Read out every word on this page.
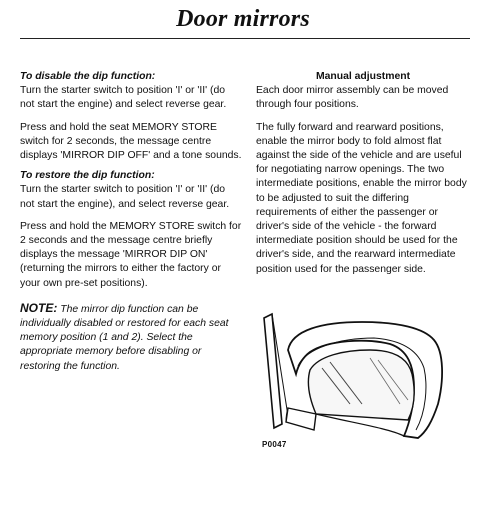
Door mirrors
To disable the dip function:

Turn the starter switch to position 'I' or 'II' (do not start the engine) and select reverse gear.

Press and hold the seat MEMORY STORE switch for 2 seconds, the message centre displays 'MIRROR DIP OFF' and a tone sounds.

To restore the dip function:

Turn the starter switch to position 'I' or 'II' (do not start the engine), and select reverse gear.

Press and hold the MEMORY STORE switch for 2 seconds and the message centre briefly displays the message 'MIRROR DIP ON' (returning the mirrors to either the factory or your own pre-set positions).

NOTE: The mirror dip function can be individually disabled or restored for each seat memory position (1 and 2). Select the appropriate memory before disabling or restoring the function.
Manual adjustment

Each door mirror assembly can be moved through four positions.

The fully forward and rearward positions, enable the mirror body to fold almost flat against the side of the vehicle and are useful for negotiating narrow openings. The two intermediate positions, enable the mirror body to be adjusted to suit the differing requirements of either the passenger or driver's side of the vehicle - the forward intermediate position should be used for the driver's side, and the rearward intermediate position used for the passenger side.

P0047
